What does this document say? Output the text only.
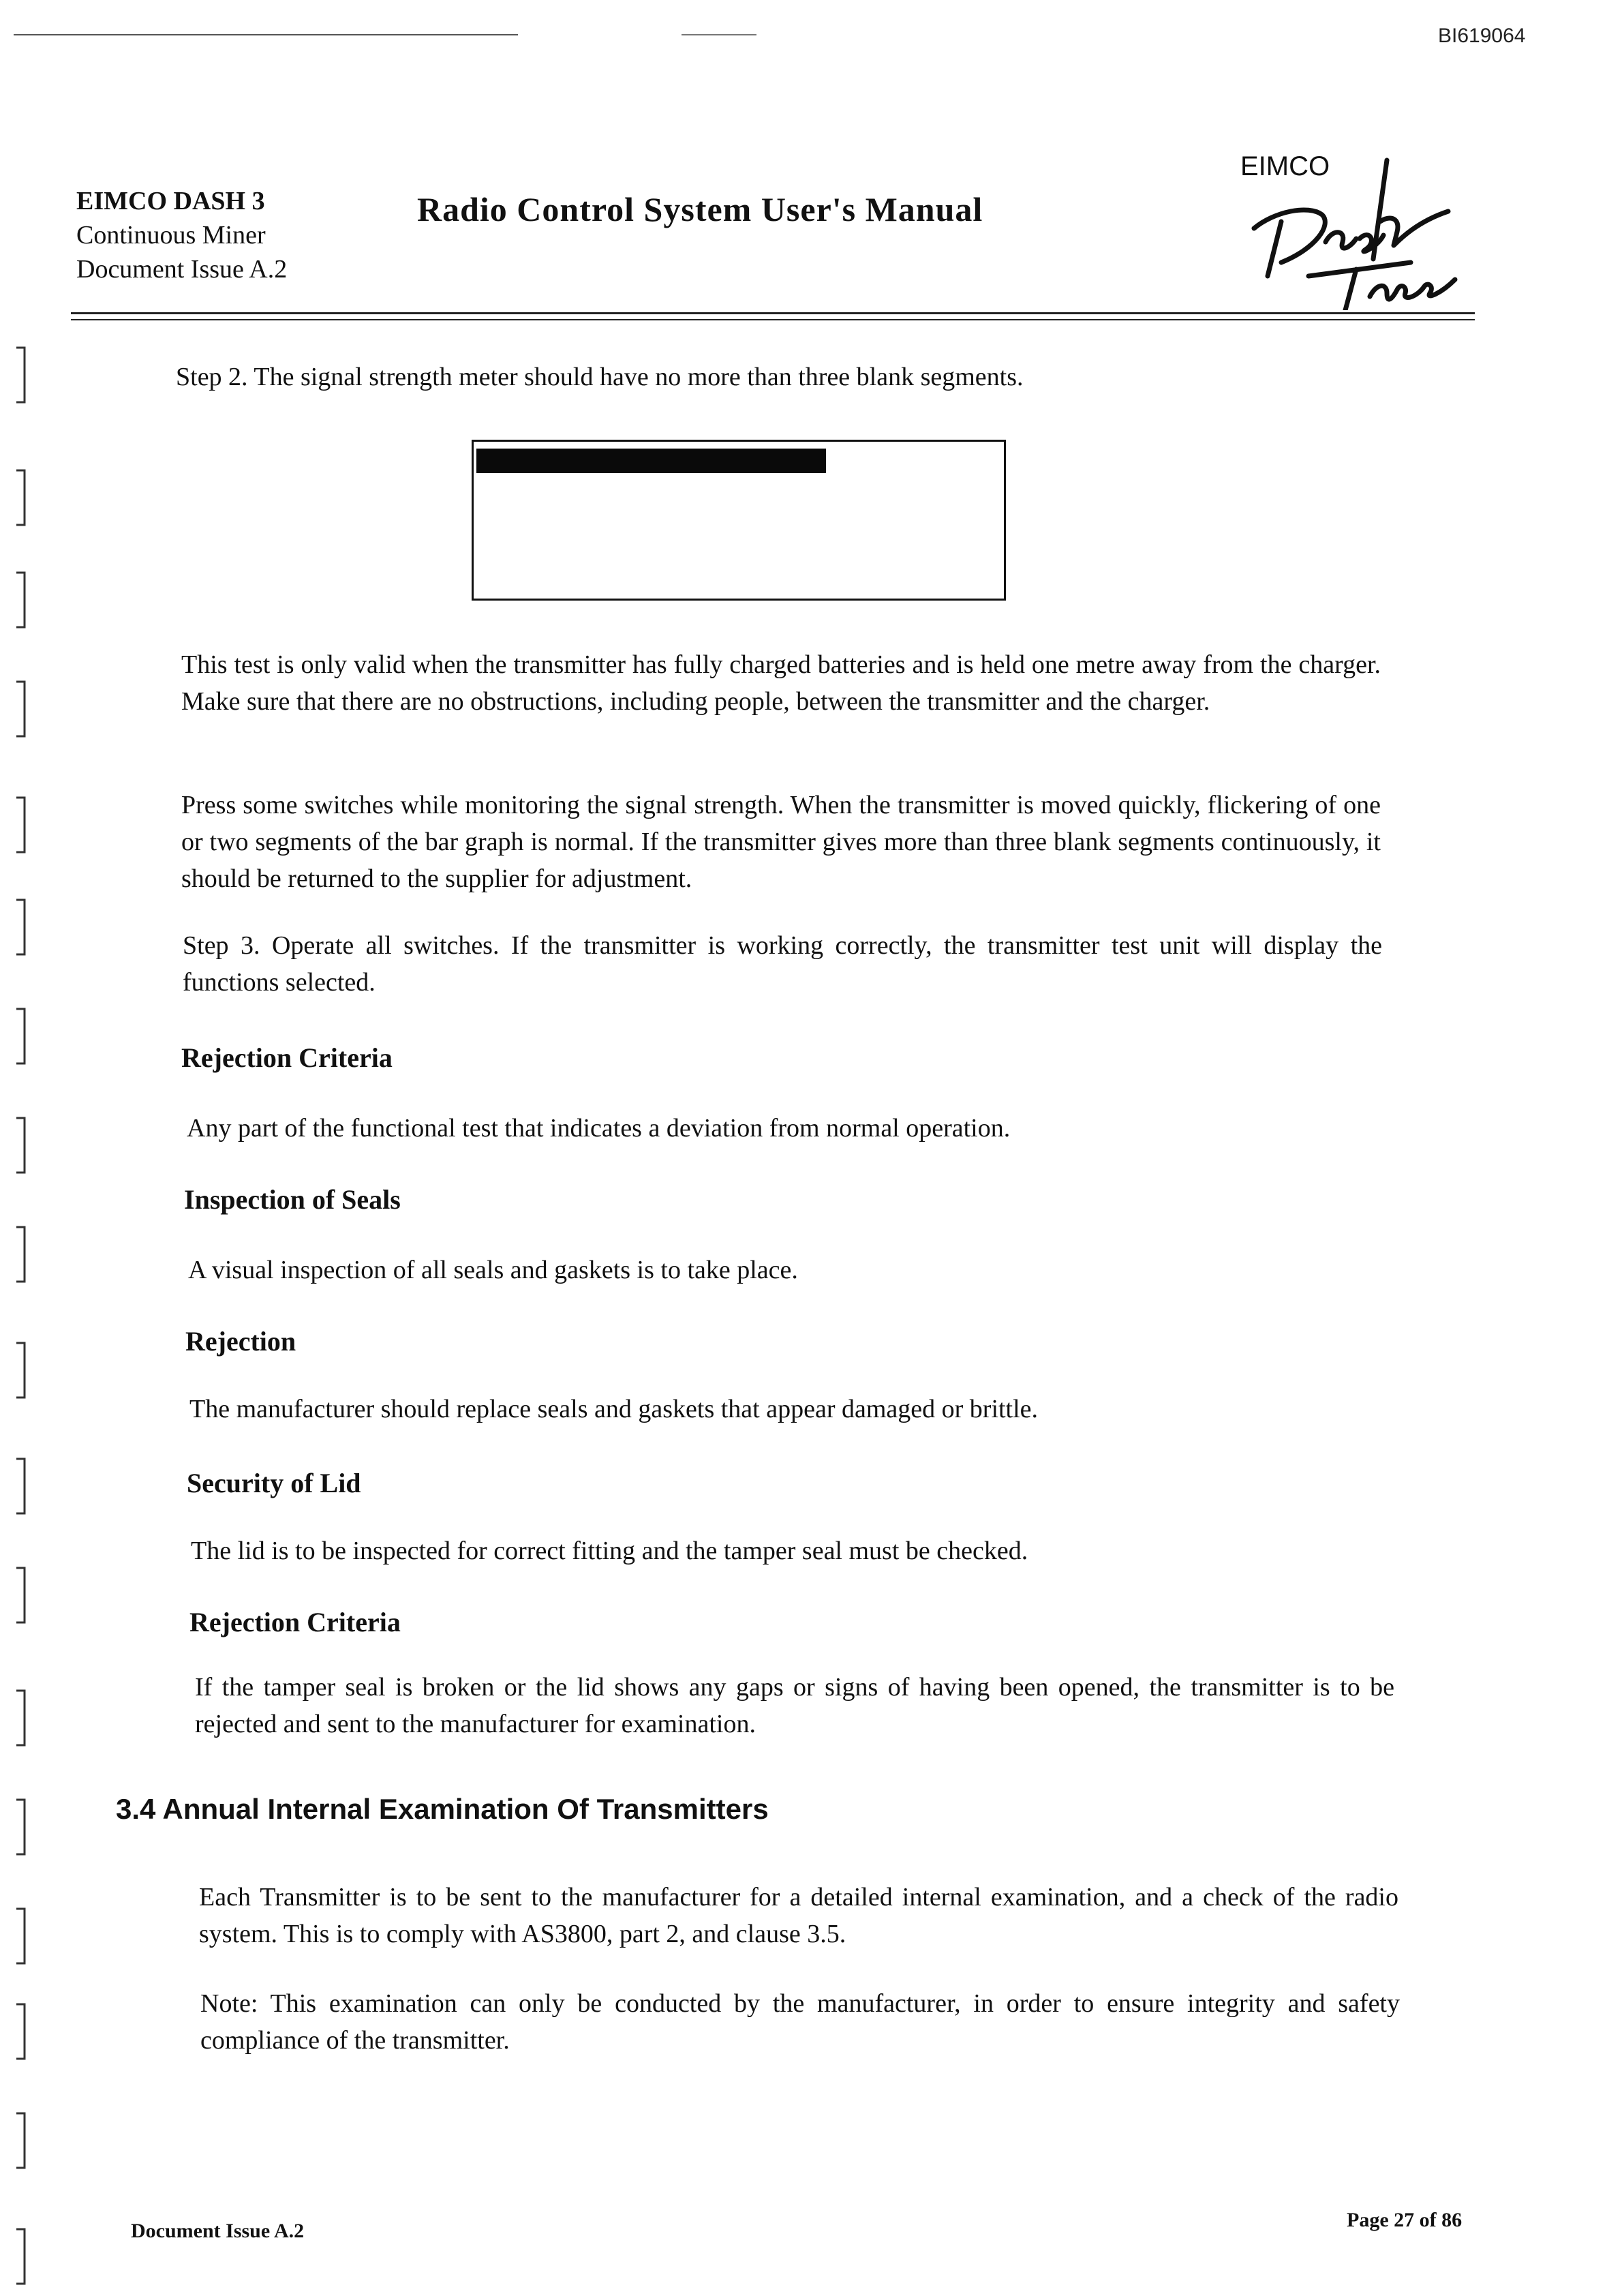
BI619064
EIMCO DASH 3
Continuous Miner
Document Issue A.2
Radio Control System User's Manual
EIMCO
Step 2. The signal strength meter should have no more than three blank segments.
This test is only valid when the transmitter has fully charged batteries and is held one metre away from the charger. Make sure that there are no obstructions, including people, between the transmitter and the charger.
Press some switches while monitoring the signal strength. When the transmitter is moved quickly, flickering of one or two segments of the bar graph is normal. If the transmitter gives more than three blank segments continuously, it should be returned to the supplier for adjustment.
Step 3. Operate all switches. If the transmitter is working correctly, the transmitter test unit will display the functions selected.
Rejection Criteria
Any part of the functional test that indicates a deviation from normal operation.
Inspection of Seals
A visual inspection of all seals and gaskets is to take place.
Rejection
The manufacturer should replace seals and gaskets that appear damaged or brittle.
Security of Lid
The lid is to be inspected for correct fitting and the tamper seal must be checked.
Rejection Criteria
If the tamper seal is broken or the lid shows any gaps or signs of having been opened, the transmitter is to be rejected and sent to the manufacturer for examination.
3.4 Annual Internal Examination Of Transmitters
Each Transmitter is to be sent to the manufacturer for a detailed internal examination, and a check of the radio system. This is to comply with AS3800, part 2, and clause 3.5.
Note: This examination can only be conducted by the manufacturer, in order to ensure integrity and safety compliance of the transmitter.
Document Issue A.2	Page 27 of 86
